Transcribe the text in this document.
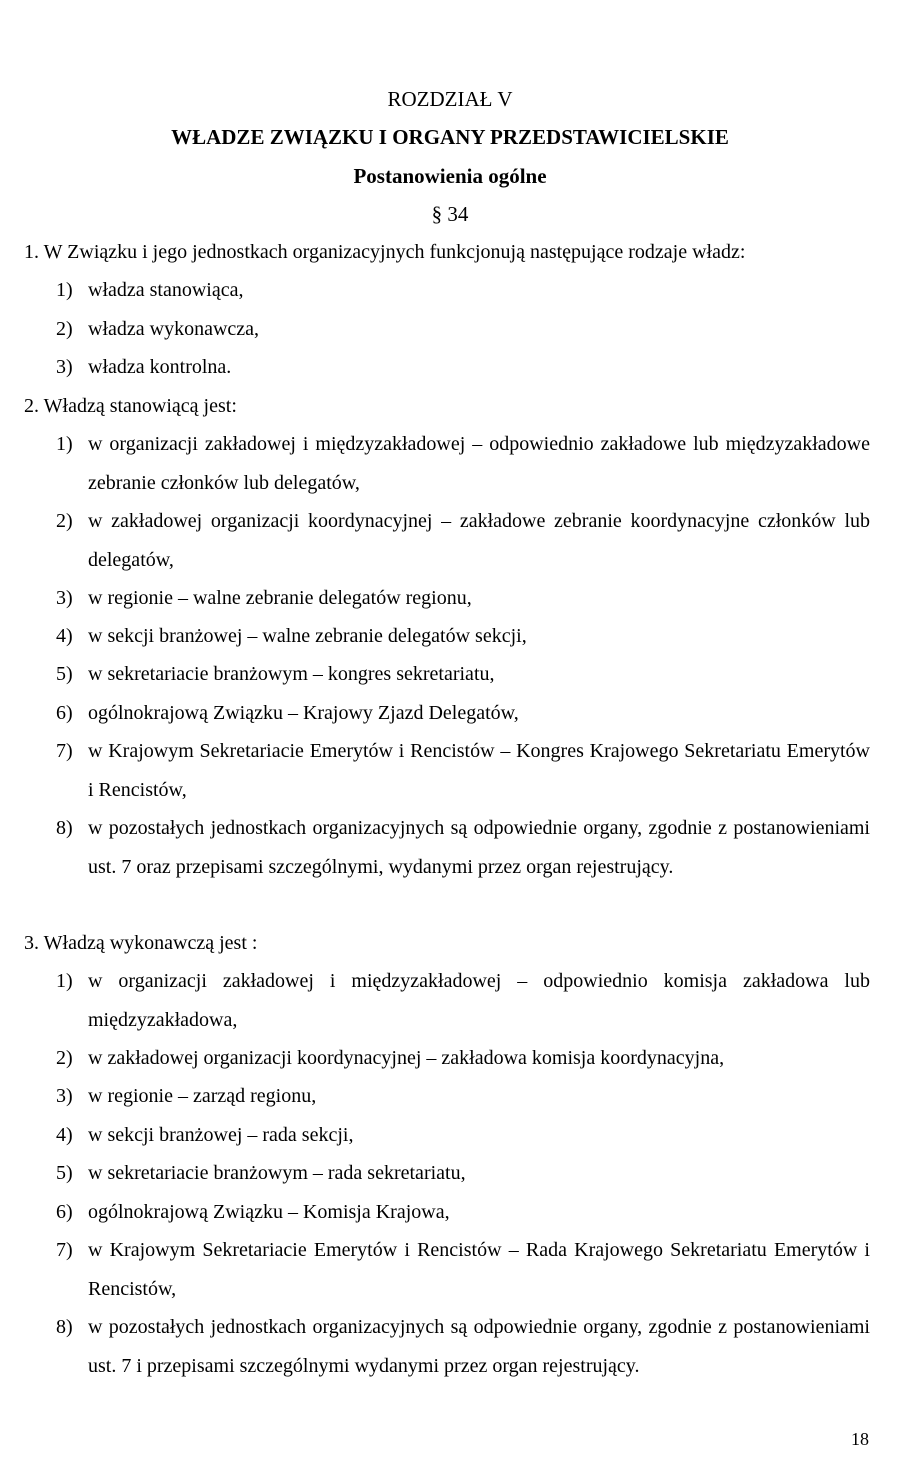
ROZDZIAŁ V
WŁADZE ZWIĄZKU I ORGANY PRZEDSTAWICIELSKIE
Postanowienia ogólne
§ 34
1. W Związku i jego jednostkach organizacyjnych funkcjonują następujące rodzaje władz:
1) władza stanowiąca,
2) władza wykonawcza,
3) władza kontrolna.
2. Władzą stanowiącą jest:
1) w organizacji zakładowej i międzyzakładowej – odpowiednio zakładowe lub międzyzakładowe zebranie członków lub delegatów,
2) w zakładowej organizacji koordynacyjnej – zakładowe zebranie koordynacyjne członków lub delegatów,
3) w regionie – walne zebranie delegatów regionu,
4) w sekcji branżowej – walne zebranie delegatów sekcji,
5) w sekretariacie branżowym – kongres sekretariatu,
6) ogólnokrajową Związku – Krajowy Zjazd Delegatów,
7) w Krajowym Sekretariacie Emerytów i Rencistów – Kongres Krajowego Sekretariatu Emerytów i Rencistów,
8) w pozostałych jednostkach organizacyjnych są odpowiednie organy, zgodnie z postanowieniami ust. 7 oraz przepisami szczególnymi, wydanymi przez organ rejestrujący.
3. Władzą wykonawczą jest :
1) w organizacji zakładowej i międzyzakładowej – odpowiednio komisja zakładowa lub międzyzakładowa,
2) w zakładowej organizacji koordynacyjnej – zakładowa komisja koordynacyjna,
3) w regionie – zarząd regionu,
4) w sekcji branżowej – rada sekcji,
5) w sekretariacie branżowym – rada sekretariatu,
6) ogólnokrajową Związku – Komisja Krajowa,
7) w Krajowym Sekretariacie Emerytów i Rencistów – Rada Krajowego Sekretariatu Emerytów i Rencistów,
8) w pozostałych jednostkach organizacyjnych są odpowiednie organy, zgodnie z postanowieniami ust. 7 i przepisami szczególnymi wydanymi przez organ rejestrujący.
18
